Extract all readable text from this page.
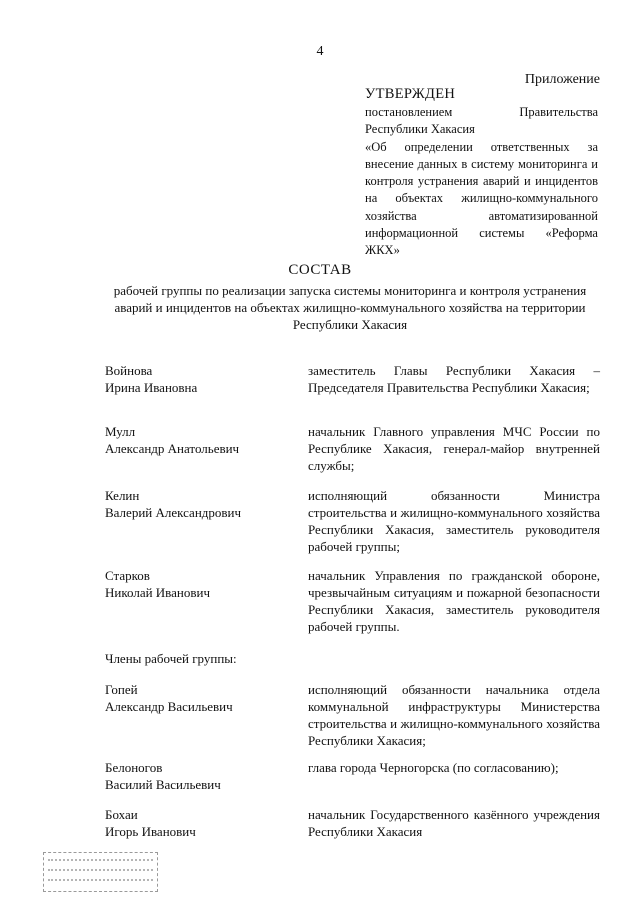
4
Приложение
УТВЕРЖДЕН
постановлением Правительства Республики Хакасия
«Об определении ответственных за внесение данных в систему мониторинга и контроля устранения аварий и инцидентов на объектах жилищно-коммунального хозяйства автоматизированной информационной системы «Реформа ЖКХ»
СОСТАВ
рабочей группы по реализации запуска системы мониторинга и контроля устранения аварий и инцидентов на объектах жилищно-коммунального хозяйства на территории Республики Хакасия
Войнова
Ирина Ивановна
заместитель Главы Республики Хакасия – Председателя Правительства Республики Хакасия;
Мулл
Александр Анатольевич
начальник Главного управления МЧС России по Республике Хакасия, генерал-майор внутренней службы;
Келин
Валерий Александрович
исполняющий обязанности Министра строительства и жилищно-коммунального хозяйства Республики Хакасия, заместитель руководителя рабочей группы;
Старков
Николай Иванович
начальник Управления по гражданской обороне, чрезвычайным ситуациям и пожарной безопасности Республики Хакасия, заместитель руководителя рабочей группы.
Члены рабочей группы:
Гопей
Александр Васильевич
исполняющий обязанности начальника отдела коммунальной инфраструктуры Министерства строительства и жилищно-коммунального хозяйства Республики Хакасия;
Белоногов
Василий Васильевич
глава города Черногорска (по согласованию);
Бохаи
Игорь Иванович
начальник Государственного казённого учреждения Республики Хакасия
